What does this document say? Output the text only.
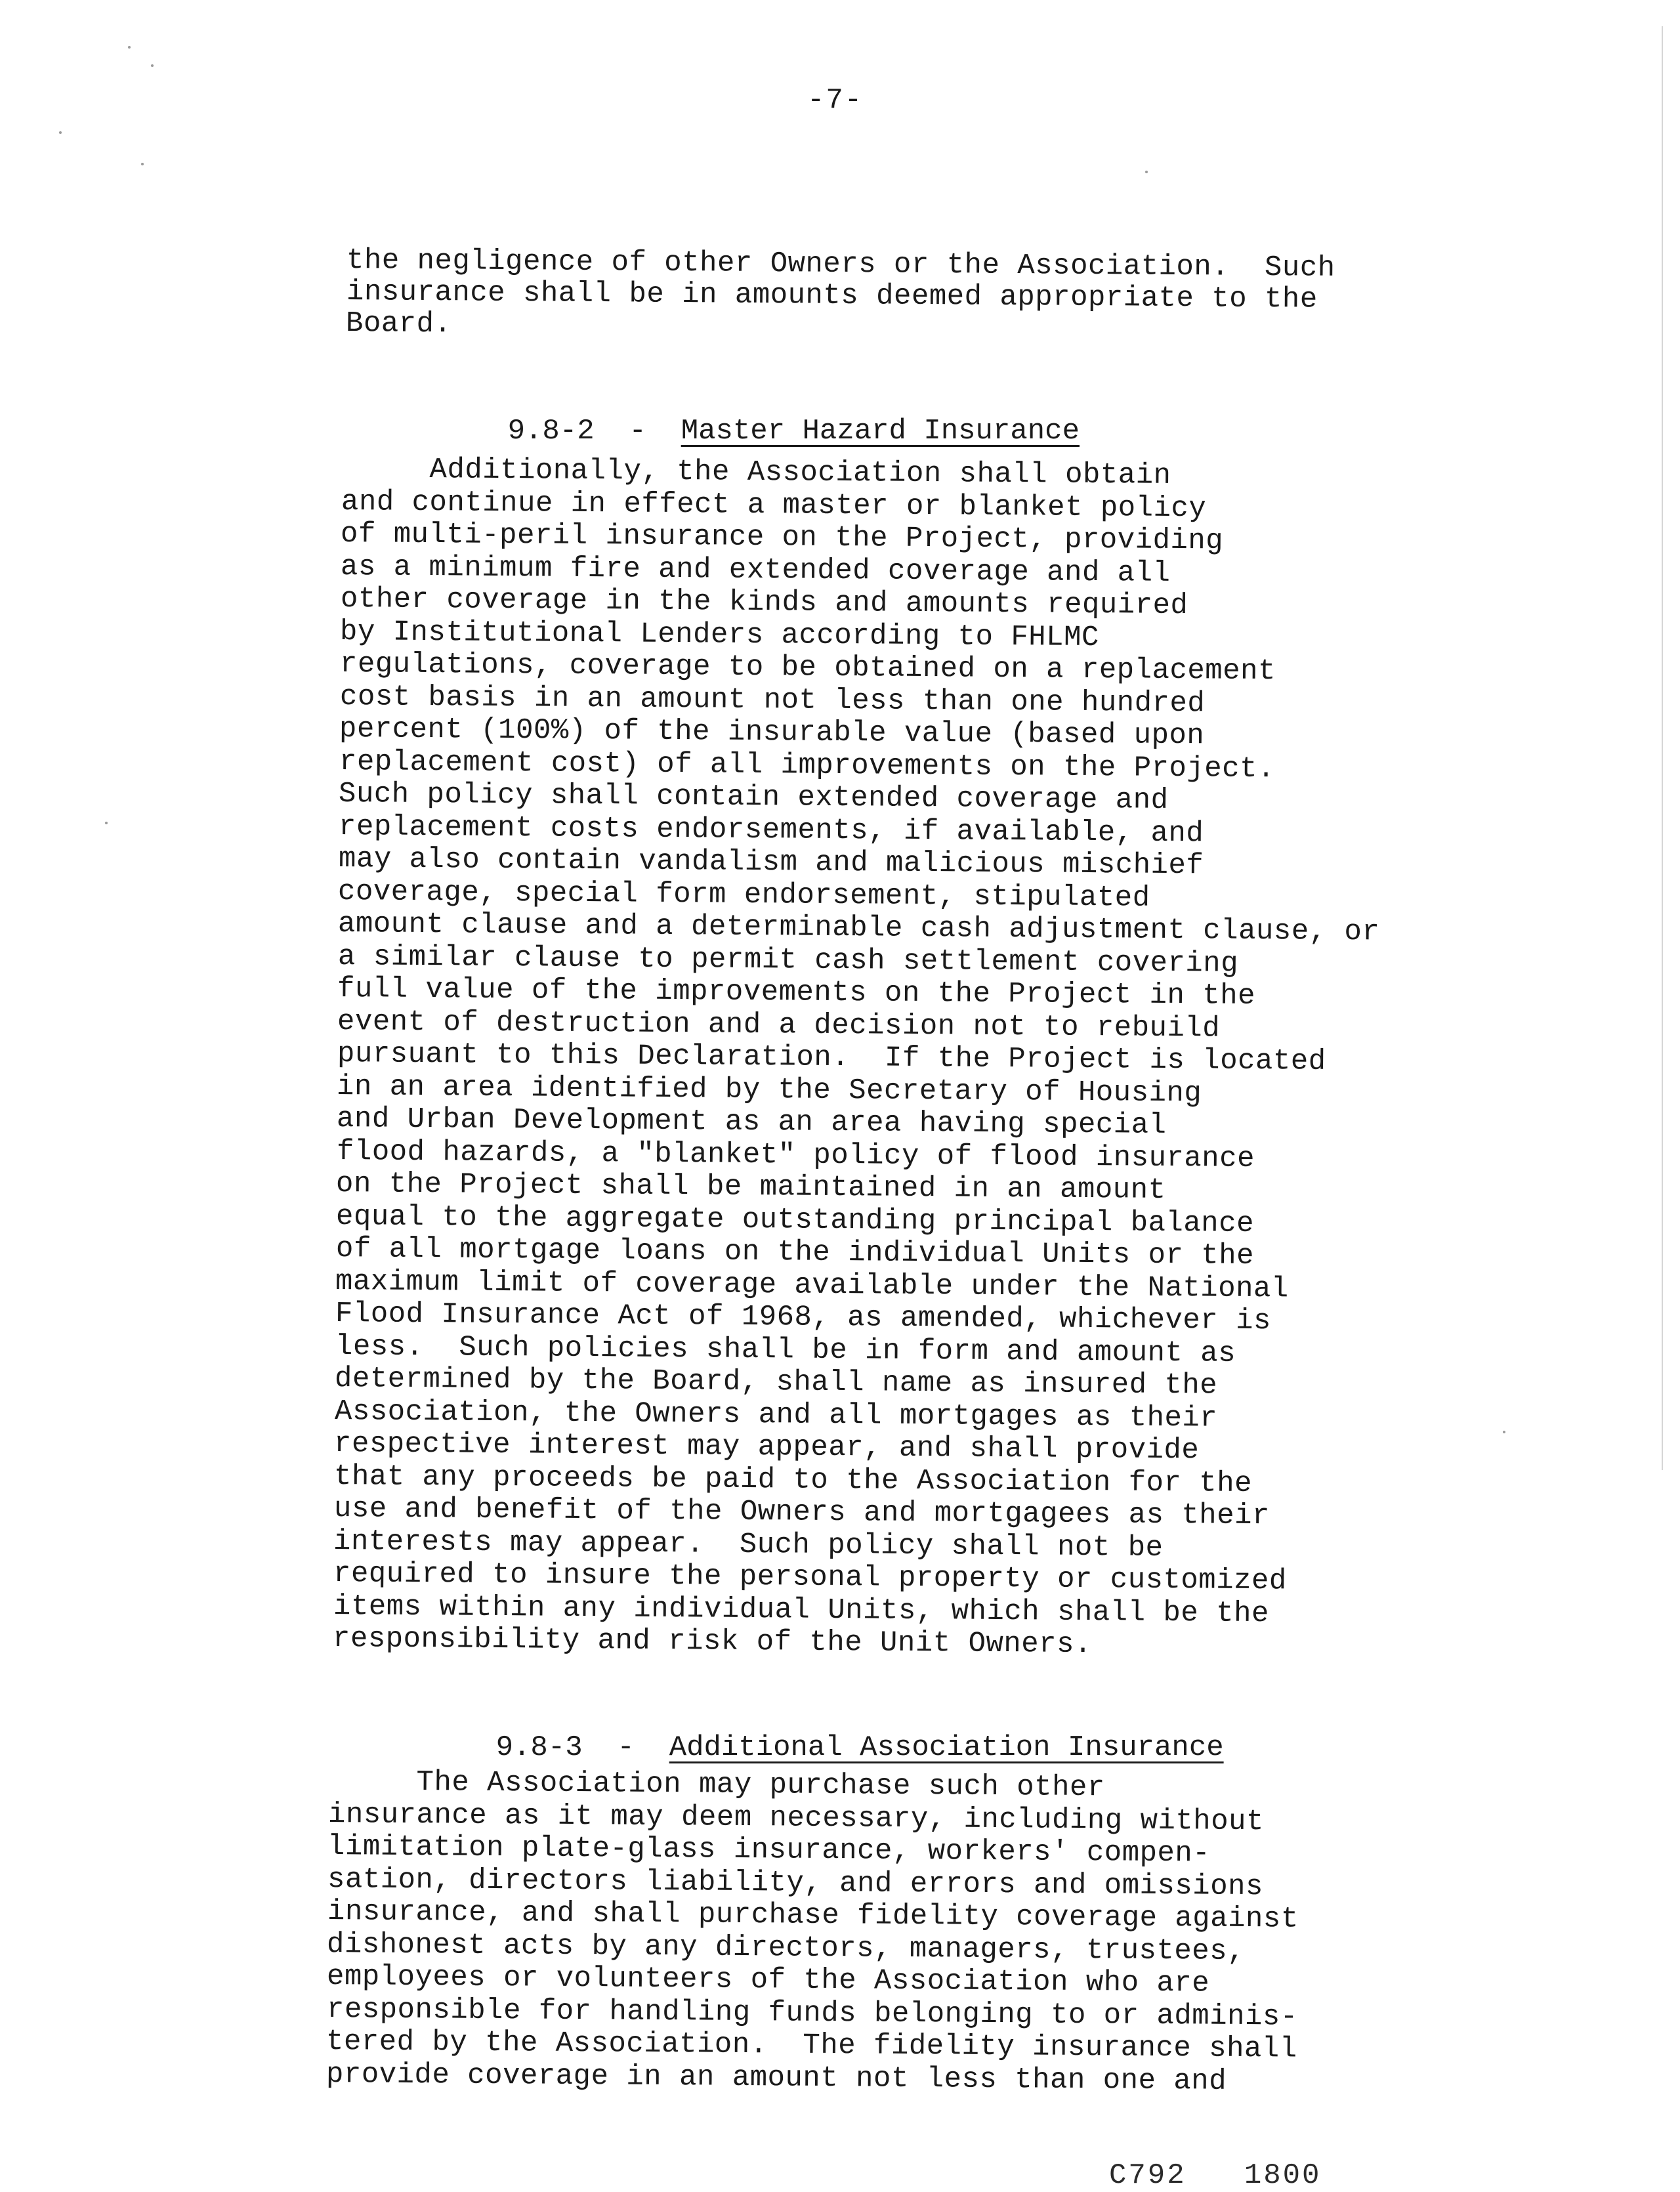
-7-
the negligence of other Owners or the Association.  Such
insurance shall be in amounts deemed appropriate to the
Board.

9.8-2 - Master Hazard Insurance

Additionally, the Association shall obtain
and continue in effect a master or blanket policy
of multi-peril insurance on the Project, providing
as a minimum fire and extended coverage and all
other coverage in the kinds and amounts required
by Institutional Lenders according to FHLMC
regulations, coverage to be obtained on a replacement
cost basis in an amount not less than one hundred
percent (100%) of the insurable value (based upon
replacement cost) of all improvements on the Project.
Such policy shall contain extended coverage and
replacement costs endorsements, if available, and
may also contain vandalism and malicious mischief
coverage, special form endorsement, stipulated
amount clause and a determinable cash adjustment clause, or
a similar clause to permit cash settlement covering
full value of the improvements on the Project in the
event of destruction and a decision not to rebuild
pursuant to this Declaration.  If the Project is located
in an area identified by the Secretary of Housing
and Urban Development as an area having special
flood hazards, a "blanket" policy of flood insurance
on the Project shall be maintained in an amount
equal to the aggregate outstanding principal balance
of all mortgage loans on the individual Units or the
maximum limit of coverage available under the National
Flood Insurance Act of 1968, as amended, whichever is
less.  Such policies shall be in form and amount as
determined by the Board, shall name as insured the
Association, the Owners and all mortgages as their
respective interest may appear, and shall provide
that any proceeds be paid to the Association for the
use and benefit of the Owners and mortgagees as their
interests may appear.  Such policy shall not be
required to insure the personal property or customized
items within any individual Units, which shall be the
responsibility and risk of the Unit Owners.

9.8-3 - Additional Association Insurance

The Association may purchase such other
insurance as it may deem necessary, including without
limitation plate-glass insurance, workers' compen-
sation, directors liability, and errors and omissions
insurance, and shall purchase fidelity coverage against
dishonest acts by any directors, managers, trustees,
employees or volunteers of the Association who are
responsible for handling funds belonging to or adminis-
tered by the Association.  The fidelity insurance shall
provide coverage in an amount not less than one and
C792   1800
